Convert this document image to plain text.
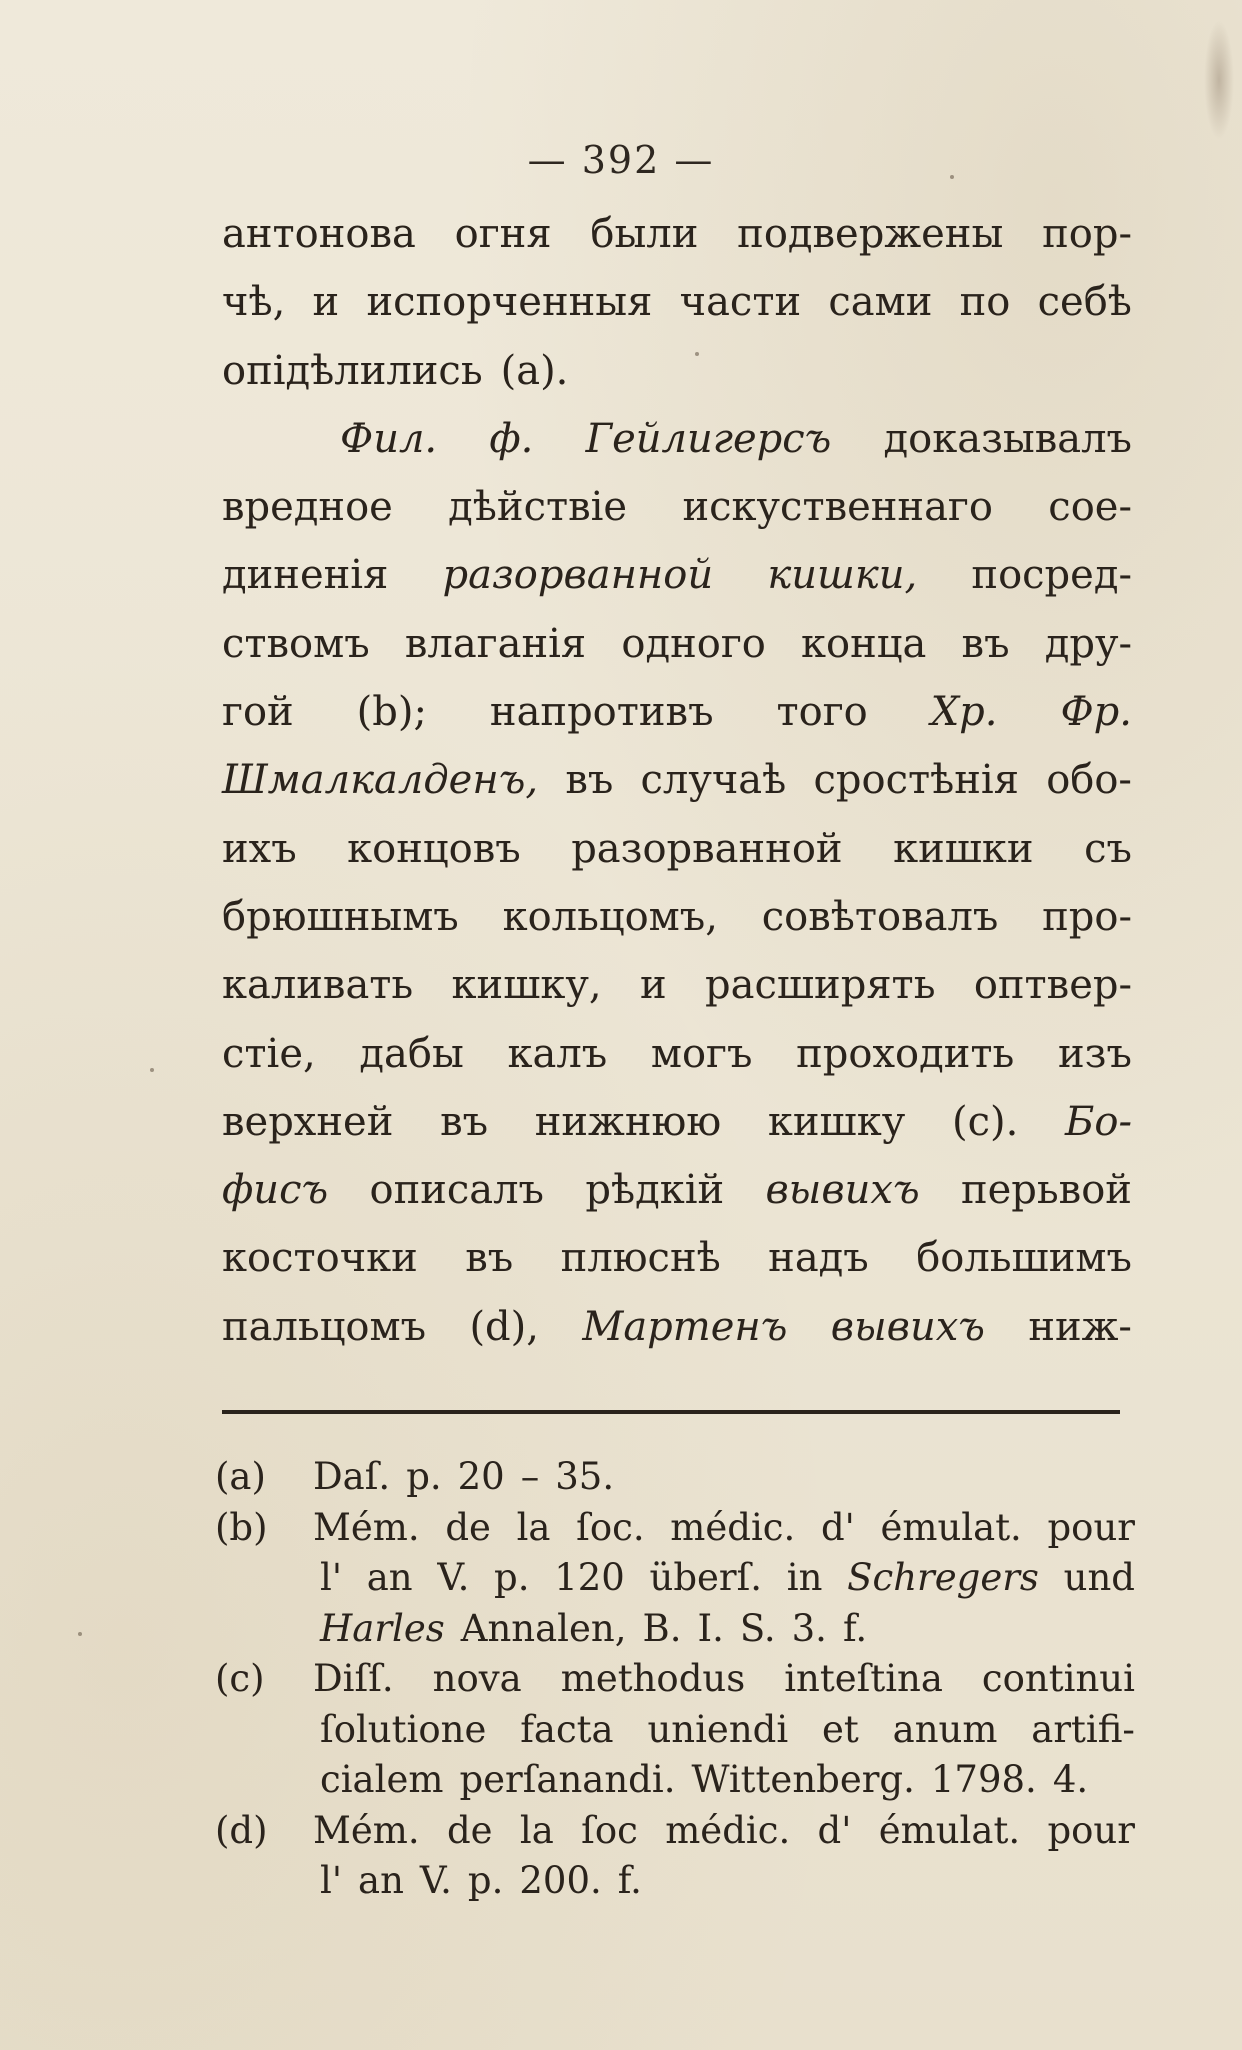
— 392 —
антонова огня были подвержены пор-
чѣ, и испорченныя части сами по себѣ
опідѣлились (а).
Фил. ф. Гейлигерсъ доказывалъ
вредное дѣйствіе искуственнаго сое-
диненія разорванной кишки, посред-
ствомъ влаганія одного конца въ дру-
гой (b); напротивъ того Хр. Фр.
Шмалкалденъ, въ случаѣ сростѣнія обо-
ихъ концовъ разорванной кишки съ
брюшнымъ кольцомъ, совѣтовалъ про-
каливать кишку, и расширять оптвер-
стіе, дабы калъ могъ проходить изъ
верхней въ нижнюю кишку (с). Бо-
фисъ описалъ рѣдкій вывихъ перьвой
косточки въ плюснѣ надъ большимъ
пальцомъ (d), Мартенъ вывихъ ниж-
(a)	Daſ. p. 20 – 35.
(b)	Mém. de la ſoc. médic. d' émulat. pour
l' an V. p. 120 überſ. in Schregers und
Harles Annalen, B. I. S. 3. f.
(c)	Diſſ. nova methodus inteſtina continui
ſolutione facta uniendi et anum artifi-
cialem perſanandi. Wittenberg. 1798. 4.
(d)	Mém. de la ſoc médic. d' émulat. pour
l' an V. p. 200. f.
